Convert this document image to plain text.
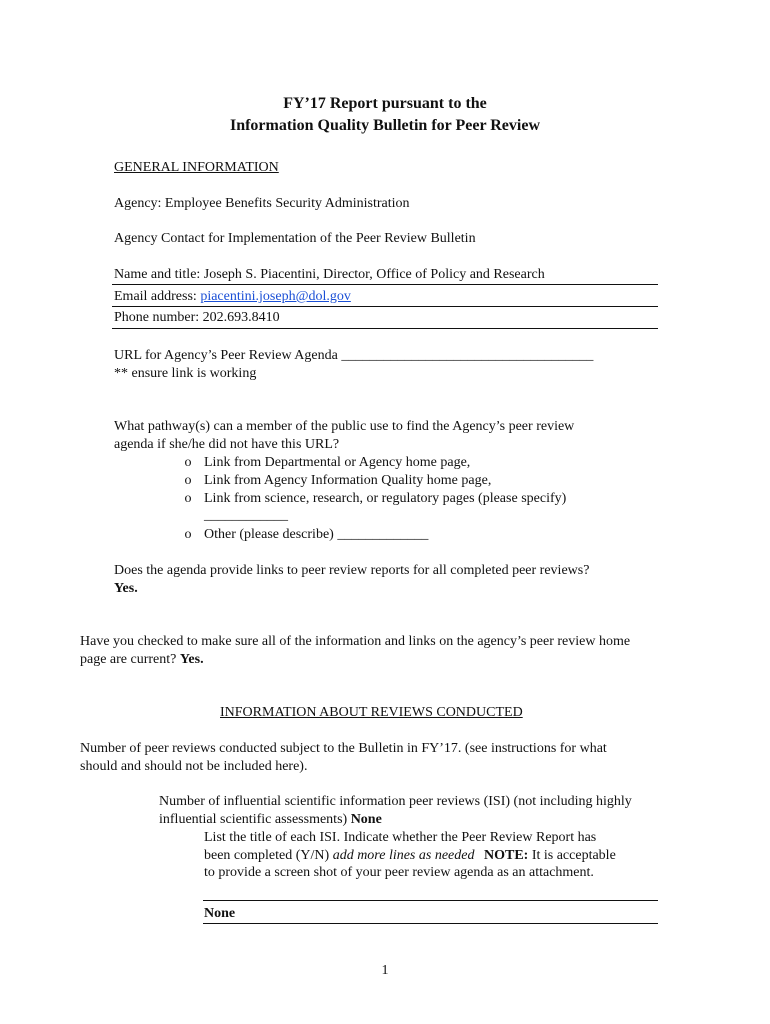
FY’17 Report pursuant to the
Information Quality Bulletin for Peer Review
GENERAL INFORMATION
Agency: Employee Benefits Security Administration
Agency Contact for Implementation of the Peer Review Bulletin
Name and title: Joseph S. Piacentini, Director, Office of Policy and Research
Email address: piacentini.joseph@dol.gov
Phone number: 202.693.8410
URL for Agency’s Peer Review Agenda ____________________________________
** ensure link is working
What pathway(s) can a member of the public use to find the Agency’s peer review
agenda if she/he did not have this URL?
o Link from Departmental or Agency home page,
o Link from Agency Information Quality home page,
o Link from science, research, or regulatory pages (please specify)
____________
o Other (please describe) _____________
Does the agenda provide links to peer review reports for all completed peer reviews?
Yes.
Have you checked to make sure all of the information and links on the agency’s peer review home
page are current? Yes.
INFORMATION ABOUT REVIEWS CONDUCTED
Number of peer reviews conducted subject to the Bulletin in FY’17. (see instructions for what
should and should not be included here).
Number of influential scientific information peer reviews (ISI) (not including highly
influential scientific assessments) None
List the title of each ISI. Indicate whether the Peer Review Report has
been completed (Y/N) add more lines as needed NOTE: It is acceptable
to provide a screen shot of your peer review agenda as an attachment.
None
1
